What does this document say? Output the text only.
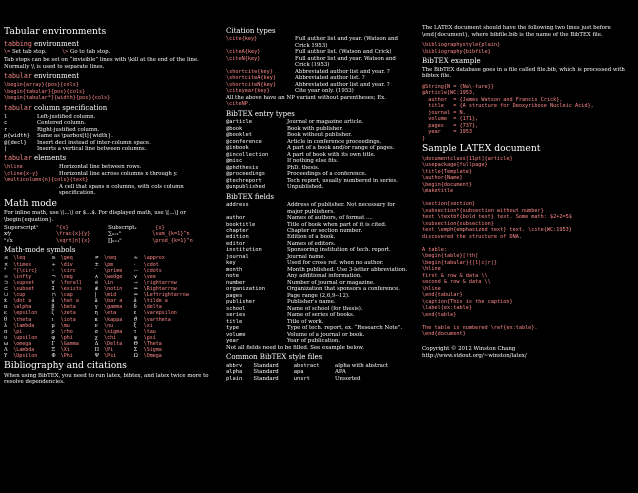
Tabular environments
tabbing environment

\= Set tab stop.	\> Go to tab stop.

Tab stops can be set on “invisible” lines with \kill at the end of the line. Normally \\ is used to separate lines.

tabular environment
\begin{array}{pos}{cols}
\begin{tabular}{pos}{cols}
\begin{tabular*}{width}{pos}{cols}
tabular column specification
l	Left-justified column.
c	Centered column.
r	Right-justified column.
p{width}	Same as \parbox[t]{width}.
@{decl}	Insert decl instead of inter-column space.
|	Inserts a vertical line between columns.
tabular elements
\hline	Horizontal line between rows.
\cline{x-y}	Horizontal line across columns x through y.
\multicolumn{n}{cols}{text}	
	A cell that spans n columns, with cols column specification.
Math mode

For inline math, use \(...\) or $...$. For displayed math, use \[...\] or \begin{equation}.

Superscriptˣ	^{x}	Subscriptₓ	_{x}
x⁄y	\frac{x}{y}	∑ₖ₌₁ⁿ	\sum_{k=1}^n
ⁿ√x	\sqrt[n]{x}	∏ₖ₌₁ⁿ	\prod_{k=1}^n
Math-mode symbols
≤	\leq	≥	\geq	≠	\neq	≈	\approx
×	\times	÷	\div	±	\pm	·	\cdot
°	^{\circ}	◦	\circ	′	\prime	···	\cdots
∞	\infty	¬	\neg	∧	\wedge	∨	\vee
⊃	\supset	∀	\forall	∈	\in	→	\rightarrow
⊂	\subset	∃	\exists	∉	\notin	⇒	\Rightarrow
∪	\cup	∩	\cap	|	\mid	⇔	\Leftrightarrow
ẋ	\dot a	â	\hat a	ā	\bar a	ã	\tilde a
α	\alpha	β	\beta	γ	\gamma	δ	\delta
ϵ	\epsilon	ζ	\zeta	η	\eta	ε	\varepsilon
θ	\theta	ι	\iota	κ	\kappa	ϑ	\vartheta
λ	\lambda	μ	\mu	ν	\nu	ξ	\xi
π	\pi	ρ	\rho	σ	\sigma	τ	\tau
υ	\upsilon	φ	\phi	χ	\chi	ψ	\psi
ω	\omega	Γ	\Gamma	Δ	\Delta	Θ	\Theta
Λ	\Lambda	Ξ	\Xi	Π	\Pi	Σ	\Sigma
Υ	\Upsilon	Φ	\Phi	Ψ	\Psi	Ω	\Omega
Bibliography and citations

When using BibTEX, you need to run latex, bibtex, and latex twice more to resolve dependencies.

Citation types
\cite{key}	Full author list and year. (Watson and Crick 1953)
\citeA{key}	Full author list. (Watson and Crick)
\citeN{key}	Full author list and year. Watson and Crick (1953)
\shortcite{key}	Abbreviated author list and year. ?
\shortciteA{key}	Abbreviated author list. ?
\shortciteN{key}	Abbreviated author list and year. ?
\citeyear{key}	Cite year only. (1953)

All the above have an NP variant without parentheses; Ex.
\citeNP.

BibTEX entry types
@article	Journal or magazine article.
@book	Book with publisher.
@booklet	Book without publisher.
@conference	Article in conference proceedings.
@inbook	A part of a book and/or range of pages.
@incollection	A part of book with its own title.
@misc	If nothing else fits.
@phdthesis	PhD. thesis.
@proceedings	Proceedings of a conference.
@techreport	Tech report, usually numbered in series.
@unpublished	Unpublished.
BibTEX fields
address	Address of publisher. Not necessary for major publishers.
author	Names of authors, of format ....
booktitle	Title of book when part of it is cited.
chapter	Chapter or section number.
edition	Edition of a book.
editor	Names of editors.
institution	Sponsoring institution of tech. report.
journal	Journal name.
key	Used for cross ref. when no author.
month	Month published. Use 3-letter abbreviation.
note	Any additional information.
number	Number of journal or magazine.
organization	Organization that sponsors a conference.
pages	Page range (2,6,9--12).
publisher	Publisher's name.
school	Name of school (for thesis).
series	Name of series of books.
title	Title of work.
type	Type of tech. report, ex. “Research Note”.
volume	Volume of a journal or book.
year	Year of publication.

Not all fields need to be filled. See example below.

Common BibTEX style files
abbrv	Standard	abstract	alpha with abstract
alpha	Standard	apa	APA
plain	Standard	unsrt	Unsorted

The LATEX document should have the following two lines just before \end{document}, where bibfile.bib is the name of the BibTEX file.

\bibliographystyle{plain}
\bibliography{bibfile}
BibTEX example

The BibTEX database goes in a file called file.bib, which is processed with bibtex file.

@String{N = {Na\-ture}}
@Article{WC:1953,
author  = {James Watson and Francis Crick},
title   = {A structure for Deoxyribose Nucleic Acid},
journal = N,
volume  = {171},
pages   = {737},
year    = 1953
}
Sample LATEX document
\documentclass[11pt]{article}
\usepackage{fullpage}
\title{Template}
\author{Name}
\begin{document}
\maketitle

\section{section}
\subsection*{subsection without number}
text \textbf{bold text} text. Some math: $2+2=5$
\subsection{subsection}
text \emph{emphasized text} text. \cite{WC:1953}
discovered the structure of DNA.

A table:
\begin{table}[!th]
\begin{tabular}{|l|c|r|}
\hline
first & row & data \\
second & row & data \\
\hline
\end{tabular}
\caption{This is the caption}
\label{ex:table}
\end{table}

The table is numbered \ref{ex:table}.
\end{document}

Copyright © 2012 Winston Chang

http://www.stdout.org/~winston/latex/
